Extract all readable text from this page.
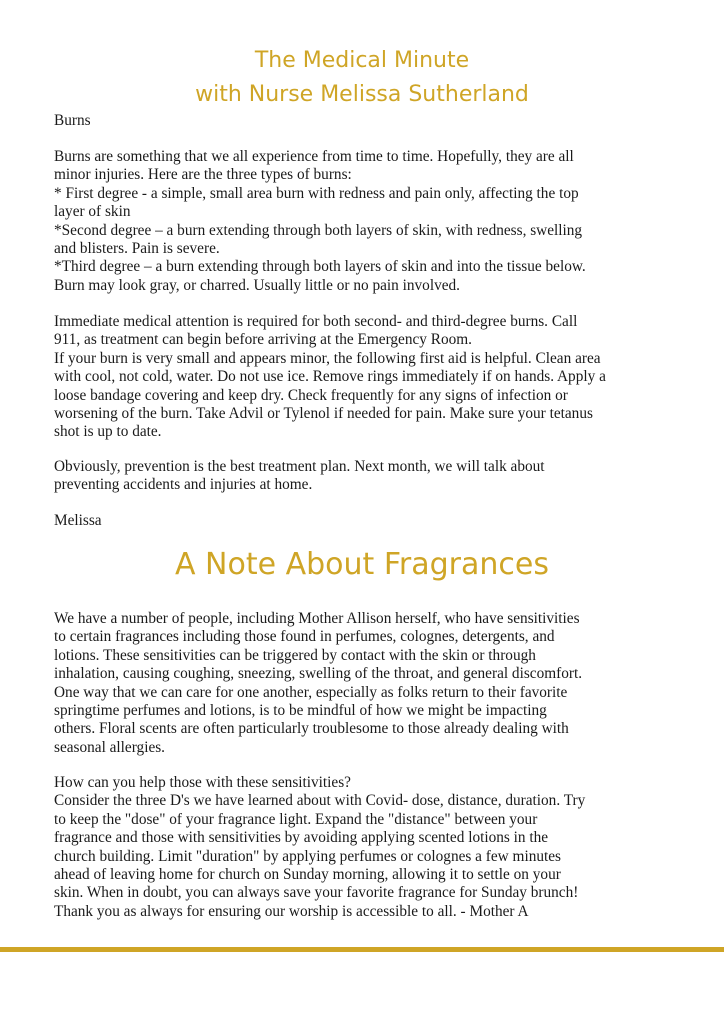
The Medical Minute
with Nurse Melissa Sutherland

Burns

Burns are something that we all experience from time to time. Hopefully, they are all

minor injuries. Here are the three types of burns:

* First degree - a simple, small area burn with redness and pain only, affecting the top

layer of skin

*Second degree – a burn extending through both layers of skin, with redness, swelling

and blisters. Pain is severe.

*Third degree – a burn extending through both layers of skin and into the tissue below.

Burn may look gray, or charred. Usually little or no pain involved.

Immediate medical attention is required for both second- and third-degree burns. Call

911, as treatment can begin before arriving at the Emergency Room.

If your burn is very small and appears minor, the following first aid is helpful. Clean area

with cool, not cold, water. Do not use ice. Remove rings immediately if on hands. Apply a

loose bandage covering and keep dry. Check frequently for any signs of infection or

worsening of the burn. Take Advil or Tylenol if needed for pain. Make sure your tetanus

shot is up to date.

Obviously, prevention is the best treatment plan. Next month, we will talk about

preventing accidents and injuries at home.

Melissa

A Note About Fragrances

We have a number of people, including Mother Allison herself, who have sensitivities

to certain fragrances including those found in perfumes, colognes, detergents, and

lotions. These sensitivities can be triggered by contact with the skin or through

inhalation, causing coughing, sneezing, swelling of the throat, and general discomfort.

One way that we can care for one another, especially as folks return to their favorite

springtime perfumes and lotions, is to be mindful of how we might be impacting

others. Floral scents are often particularly troublesome to those already dealing with

seasonal allergies.

How can you help those with these sensitivities?

Consider the three D's we have learned about with Covid- dose, distance, duration. Try

to keep the "dose" of your fragrance light. Expand the "distance" between your

fragrance and those with sensitivities by avoiding applying scented lotions in the

church building. Limit "duration" by applying perfumes or colognes a few minutes

ahead of leaving home for church on Sunday morning, allowing it to settle on your

skin. When in doubt, you can always save your favorite fragrance for Sunday brunch!

Thank you as always for ensuring our worship is accessible to all. - Mother A
